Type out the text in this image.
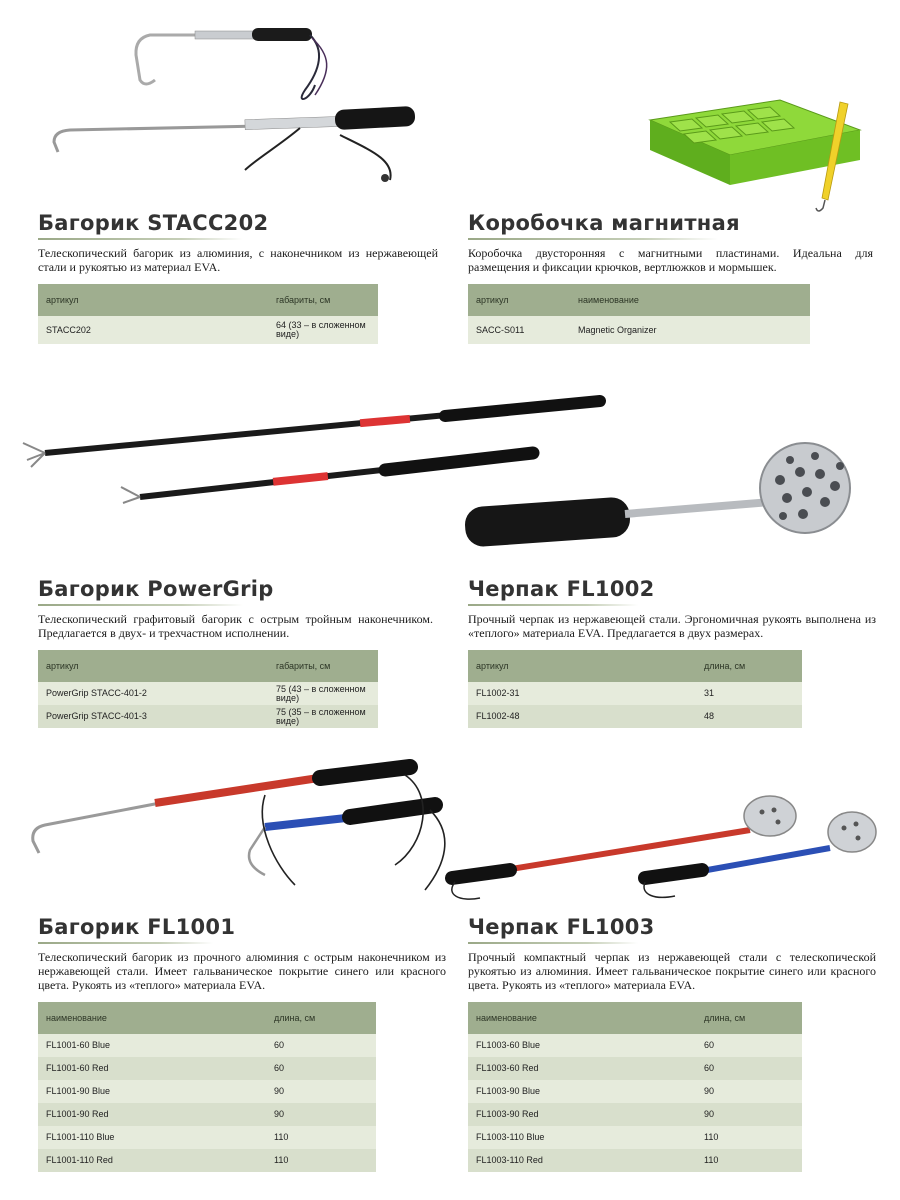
Багорик STACC202

Телескопический багорик из алюминия, с наконечником из нержавеющей стали и рукоятью из материал EVA.

артикул	габариты, см
STACC202	64 (33 – в сложенном виде)
Коробочка магнитная

Коробочка двусторонняя с магнитными пластинами. Идеальна для размещения и фиксации крючков, вертлюжков и мормышек.

артикул	наименование
SACC-S011	Magnetic Organizer
Багорик PowerGrip

Телескопический графитовый багорик с острым тройным наконечником. Предлагается в двух- и трехчастном исполнении.

артикул	габариты, см
PowerGrip STACC-401-2	75 (43 – в сложенном виде)
PowerGrip STACC-401-3	75 (35 – в сложенном виде)
Черпак FL1002

Прочный черпак из нержавеющей стали. Эргономичная рукоять выполнена из «теплого» материала EVA. Предлагается в двух размерах.

артикул	длина, см
FL1002-31	31
FL1002-48	48
Багорик FL1001

Телескопический багорик из прочного алюминия с острым наконечником из нержавеющей стали. Имеет гальваническое покрытие синего или красного цвета. Рукоять из «теплого» материала EVA.

наименование	длина, см
FL1001-60 Blue	60
FL1001-60 Red	60
FL1001-90 Blue	90
FL1001-90 Red	90
FL1001-110 Blue	110
FL1001-110 Red	110
Черпак FL1003

Прочный компактный черпак из нержавеющей стали с телескопической рукоятью из алюминия. Имеет гальваническое покрытие синего или красного цвета. Рукоять из «теплого» материала EVA.

наименование	длина, см
FL1003-60 Blue	60
FL1003-60 Red	60
FL1003-90 Blue	90
FL1003-90 Red	90
FL1003-110 Blue	110
FL1003-110 Red	110
